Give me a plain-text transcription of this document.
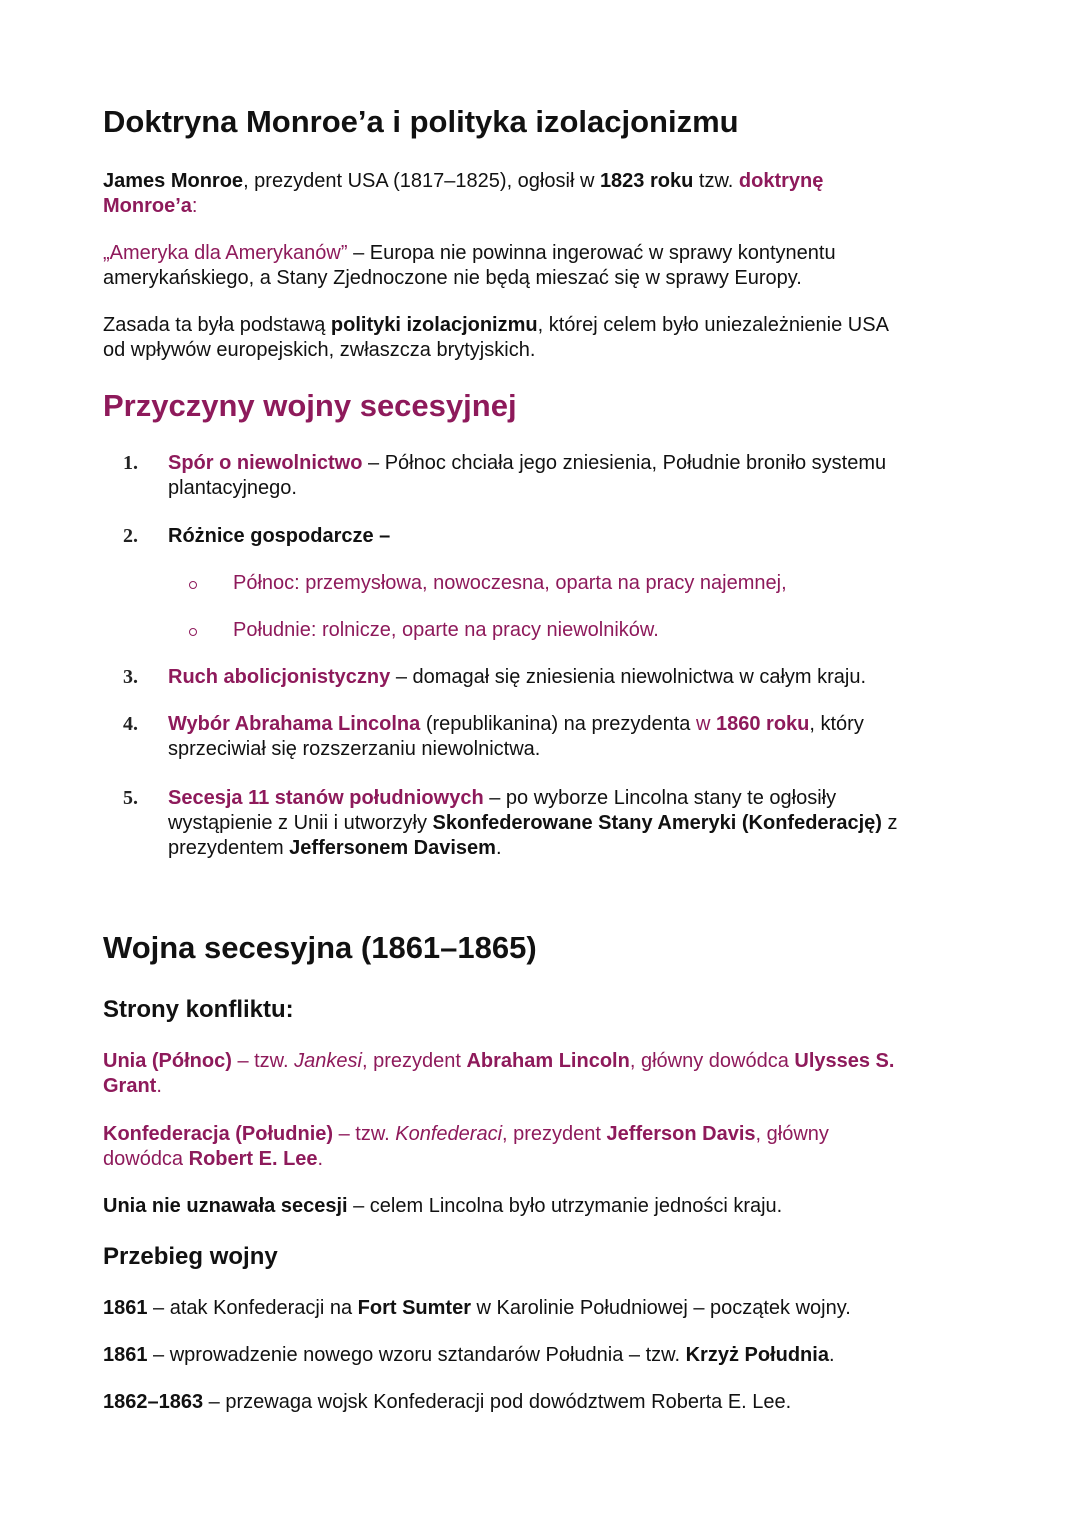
Doktryna Monroe’a i polityka izolacjonizmu

James Monroe, prezydent USA (1817–1825), ogłosił w 1823 roku tzw. doktrynę
Monroe’a:

„Ameryka dla Amerykanów” – Europa nie powinna ingerować w sprawy kontynentu
amerykańskiego, a Stany Zjednoczone nie będą mieszać się w sprawy Europy.

Zasada ta była podstawą polityki izolacjonizmu, której celem było uniezależnienie USA
od wpływów europejskich, zwłaszcza brytyjskich.

Przyczyny wojny secesyjnej
1. Spór o niewolnictwo – Północ chciała jego zniesienia, Południe broniło systemu
plantacyjnego.

2. Różnice gospodarcze –

Północ: przemysłowa, nowoczesna, oparta na pracy najemnej,

Południe: rolnicze, oparte na pracy niewolników.

3. Ruch abolicjonistyczny – domagał się zniesienia niewolnictwa w całym kraju.

4. Wybór Abrahama Lincolna (republikanina) na prezydenta w 1860 roku, który
sprzeciwiał się rozszerzaniu niewolnictwa.

5. Secesja 11 stanów południowych – po wyborze Lincolna stany te ogłosiły
wystąpienie z Unii i utworzyły Skonfederowane Stany Ameryki (Konfederację) z
prezydentem Jeffersonem Davisem.

Wojna secesyjna (1861–1865)
Strony konfliktu:

Unia (Północ) – tzw. Jankesi, prezydent Abraham Lincoln, główny dowódca Ulysses S.
Grant.

Konfederacja (Południe) – tzw. Konfederaci, prezydent Jefferson Davis, główny
dowódca Robert E. Lee.

Unia nie uznawała secesji – celem Lincolna było utrzymanie jedności kraju.

Przebieg wojny

1861 – atak Konfederacji na Fort Sumter w Karolinie Południowej – początek wojny.

1861 – wprowadzenie nowego wzoru sztandarów Południa – tzw. Krzyż Południa.

1862–1863 – przewaga wojsk Konfederacji pod dowództwem Roberta E. Lee.
